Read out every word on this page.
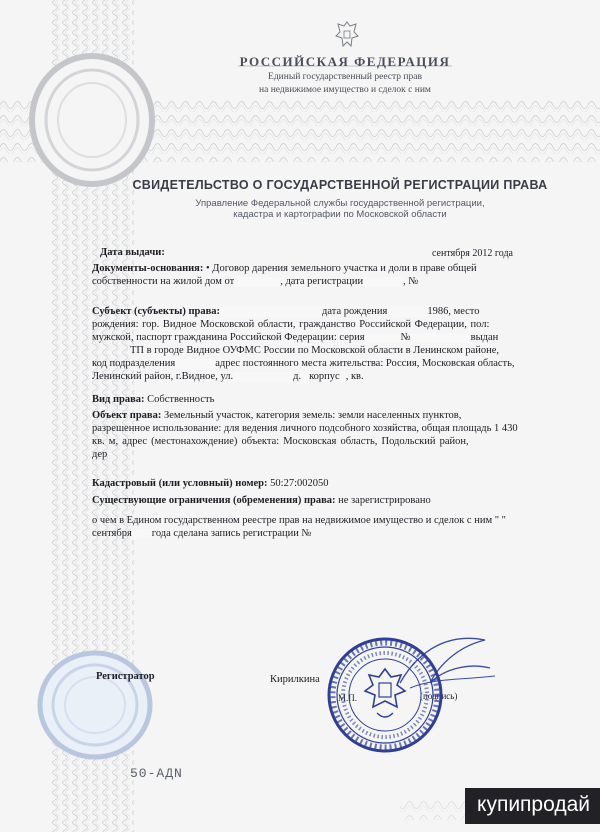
РОССИЙСКАЯ ФЕДЕРАЦИЯ
Единый государственный реестр прав
на недвижимое имущество и сделок с ним
СВИДЕТЕЛЬСТВО О ГОСУДАРСТВЕННОЙ РЕГИСТРАЦИИ ПРАВА
Управление Федеральной службы государственной регистрации,
кадастра и картографии по Московской области
Дата выдачи:	сентября 2012 года
Документы-основания: • Договор дарения земельного участка и доли в праве общей
собственности на жилой дом от	, дата регистрации	, №
Субъект (субъекты) права:	дата рождения	1986, место
рождения: гор. Видное Московской области, гражданство Российской Федерации, пол:
мужской, паспорт гражданина Российской Федерации: серия	№	выдан
ТП в городе Видное ОУФМС России по Московской области в Ленинском районе,
код подразделения	адрес постоянного места жительства: Россия, Московская область,
Ленинский район, г.Видное, ул.	д. корпус , кв.
Вид права: Собственность
Объект права: Земельный участок, категория земель: земли населенных пунктов,
разрешенное использование: для ведения личного подсобного хозяйства, общая площадь 1 430
кв. м, адрес (местонахождение) объекта: Московская область, Подольский район,
дер
Кадастровый (или условный) номер: 50:27:002050
Существующие ограничения (обременения) права: не зарегистрировано
о чем в Едином государственном реестре прав на недвижимое имущество и сделок с ним " "
сентября года сделана запись регистрации №
Регистратор	Кирилкина
(подпись)
М.П.
50-АДN
купипродай
